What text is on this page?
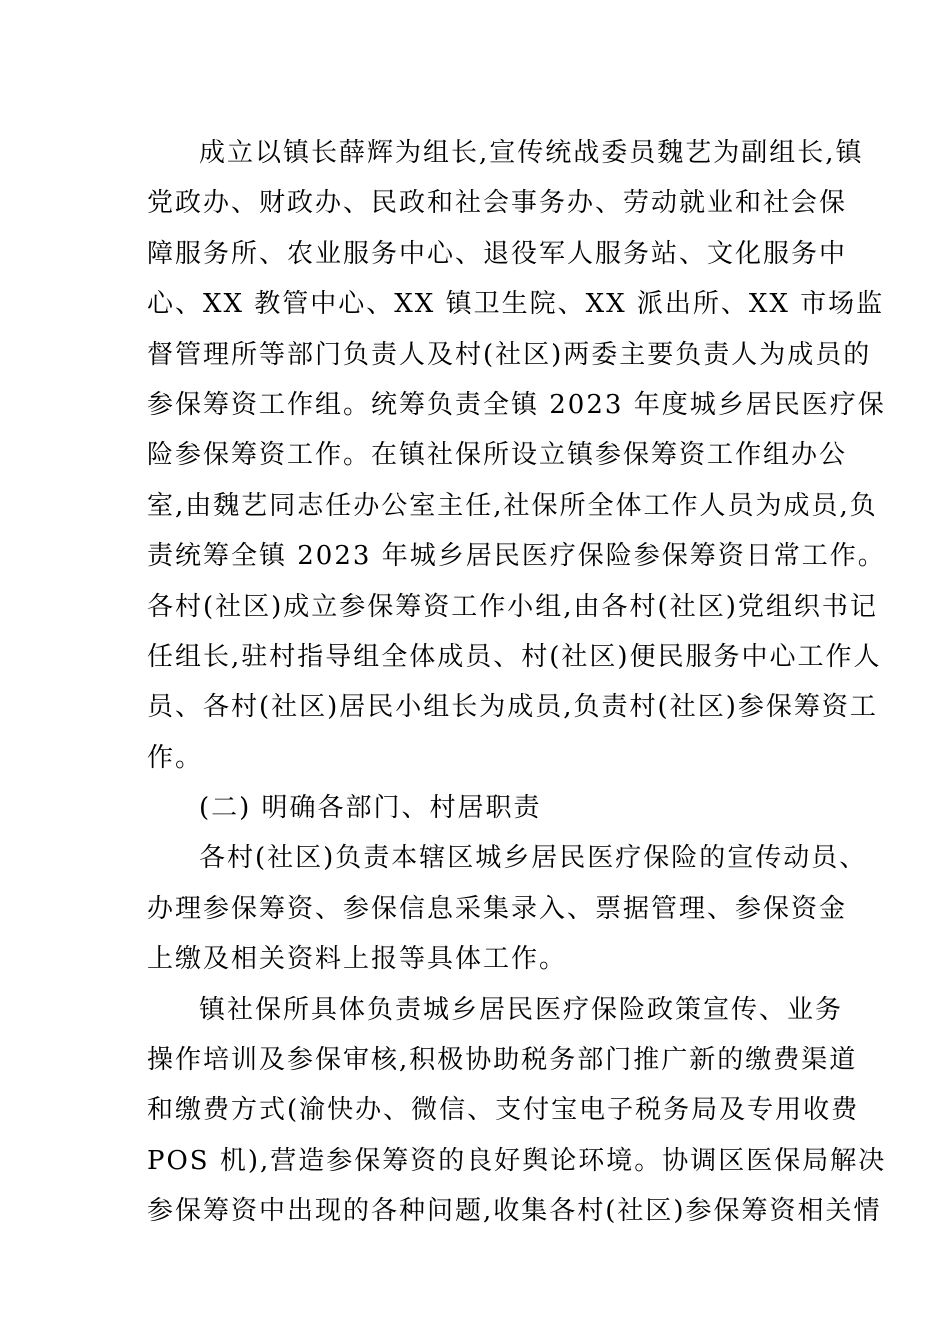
成立以镇长薛辉为组长,宣传统战委员魏艺为副组长,镇
党政办、财政办、民政和社会事务办、劳动就业和社会保
障服务所、农业服务中心、退役军人服务站、文化服务中
心、XX 教管中心、XX 镇卫生院、XX 派出所、XX 市场监
督管理所等部门负责人及村(社区)两委主要负责人为成员的
参保筹资工作组。统筹负责全镇 2023 年度城乡居民医疗保
险参保筹资工作。在镇社保所设立镇参保筹资工作组办公
室,由魏艺同志任办公室主任,社保所全体工作人员为成员,负
责统筹全镇 2023 年城乡居民医疗保险参保筹资日常工作。
各村(社区)成立参保筹资工作小组,由各村(社区)党组织书记
任组长,驻村指导组全体成员、村(社区)便民服务中心工作人
员、各村(社区)居民小组长为成员,负责村(社区)参保筹资工
作。
(二) 明确各部门、村居职责
各村(社区)负责本辖区城乡居民医疗保险的宣传动员、
办理参保筹资、参保信息采集录入、票据管理、参保资金
上缴及相关资料上报等具体工作。
镇社保所具体负责城乡居民医疗保险政策宣传、业务
操作培训及参保审核,积极协助税务部门推广新的缴费渠道
和缴费方式(渝快办、微信、支付宝电子税务局及专用收费
POS 机),营造参保筹资的良好舆论环境。协调区医保局解决
参保筹资中出现的各种问题,收集各村(社区)参保筹资相关情
